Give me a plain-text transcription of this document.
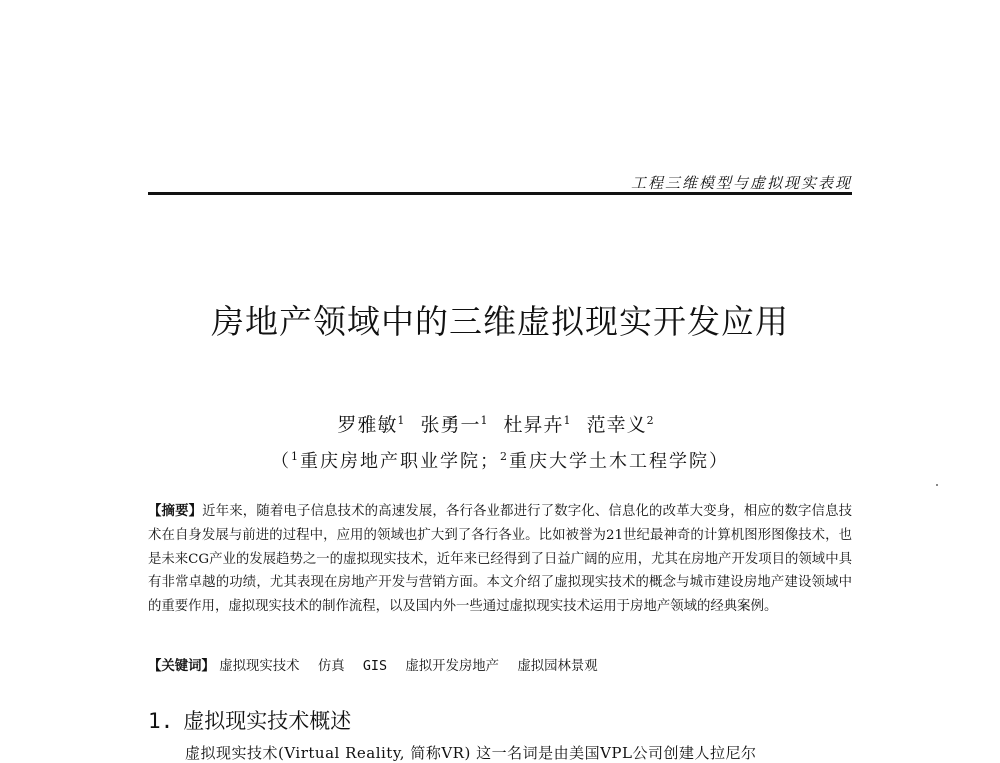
工程三维模型与虚拟现实表现
房地产领域中的三维虚拟现实开发应用
罗雅敏$^1$ 张勇一$^1$ 杜昇卉$^1$ 范幸义$^2$
（$^1$重庆房地产职业学院；$^2$重庆大学土木工程学院）
【摘要】近年来，随着电子信息技术的高速发展，各行各业都进行了数字化、信息化的改革大变身，相应的数字信息技术在自身发展与前进的过程中，应用的领域也扩大到了各行各业。比如被誉为21世纪最神奇的计算机图形图像技术，也是未来CG产业的发展趋势之一的虚拟现实技术，近年来已经得到了日益广阔的应用，尤其在房地产开发项目的领域中具有非常卓越的功绩，尤其表现在房地产开发与营销方面。本文介绍了虚拟现实技术的概念与城市建设房地产建设领域中的重要作用，虚拟现实技术的制作流程，以及国内外一些通过虚拟现实技术运用于房地产领域的经典案例。
【关键词】 虚拟现实技术 仿真 GIS 虚拟开发房地产 虚拟园林景观
1. 虚拟现实技术概述
虚拟现实技术(Virtual Reality, 简称VR) 这一名词是由美国VPL公司创建人拉尼尔
